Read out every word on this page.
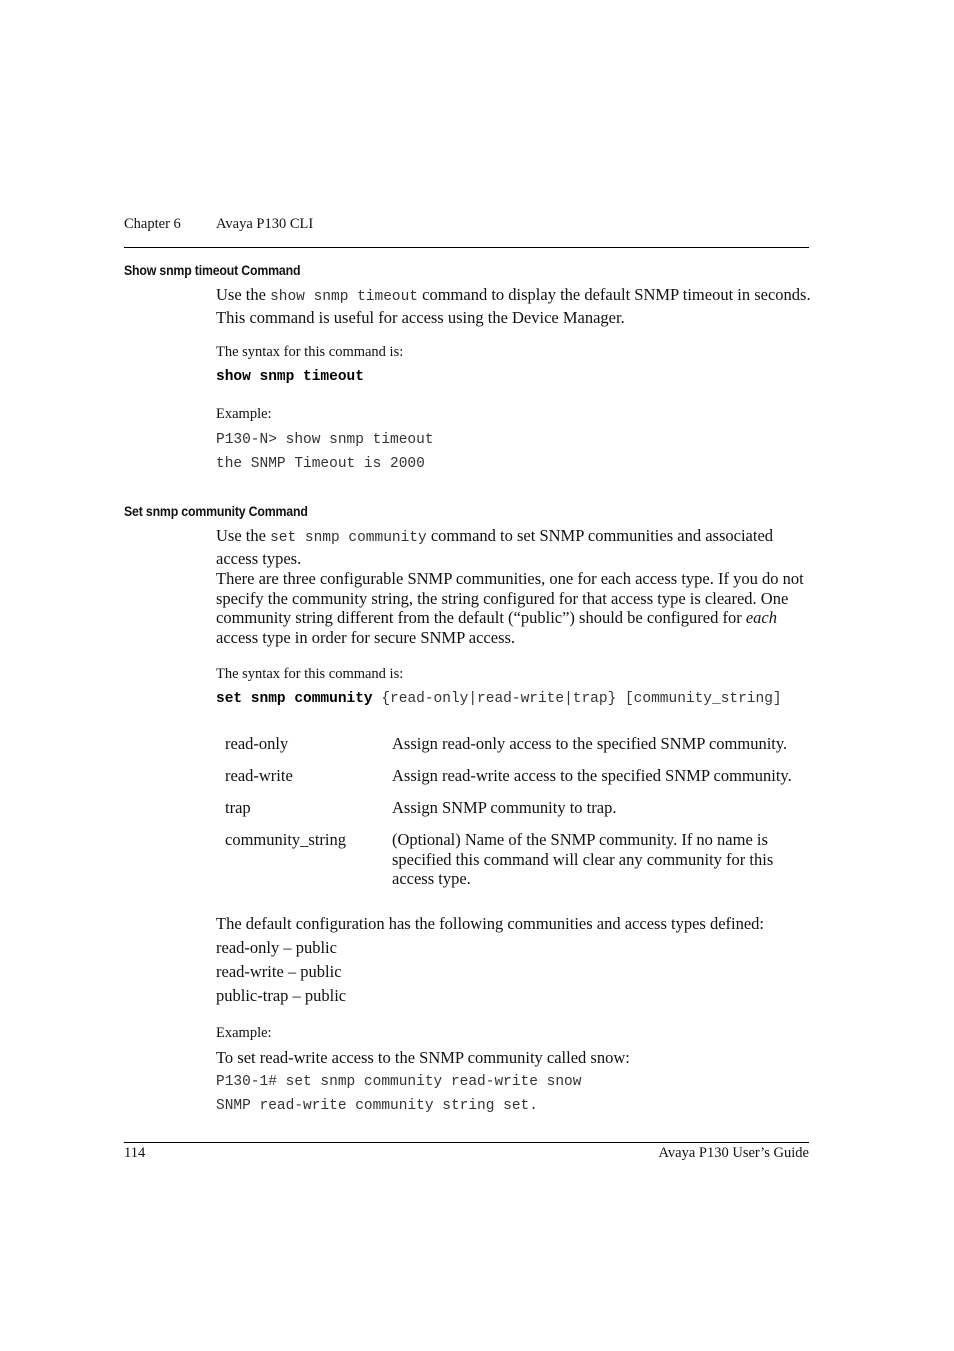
Chapter 6 Avaya P130 CLI
Show snmp timeout Command
Use the show snmp timeout command to display the default SNMP timeout in seconds. This command is useful for access using the Device Manager.
The syntax for this command is:
show snmp timeout
Example:
P130-N> show snmp timeout
the SNMP Timeout is 2000
Set snmp community Command
Use the set snmp community command to set SNMP communities and associated access types.
There are three configurable SNMP communities, one for each access type. If you do not specify the community string, the string configured for that access type is cleared. One community string different from the default (“public”) should be configured for each access type in order for secure SNMP access.
The syntax for this command is:
set snmp community {read-only|read-write|trap} [community_string]
read-only	Assign read-only access to the specified SNMP community.
read-write	Assign read-write access to the specified SNMP community.
trap	Assign SNMP community to trap.
community_string	(Optional) Name of the SNMP community. If no name is specified this command will clear any community for this access type.
The default configuration has the following communities and access types defined:
read-only – public
read-write – public
public-trap – public
Example:
To set read-write access to the SNMP community called snow:
P130-1# set snmp community read-write snow
SNMP read-write community string set.
114	Avaya P130 User’s Guide
